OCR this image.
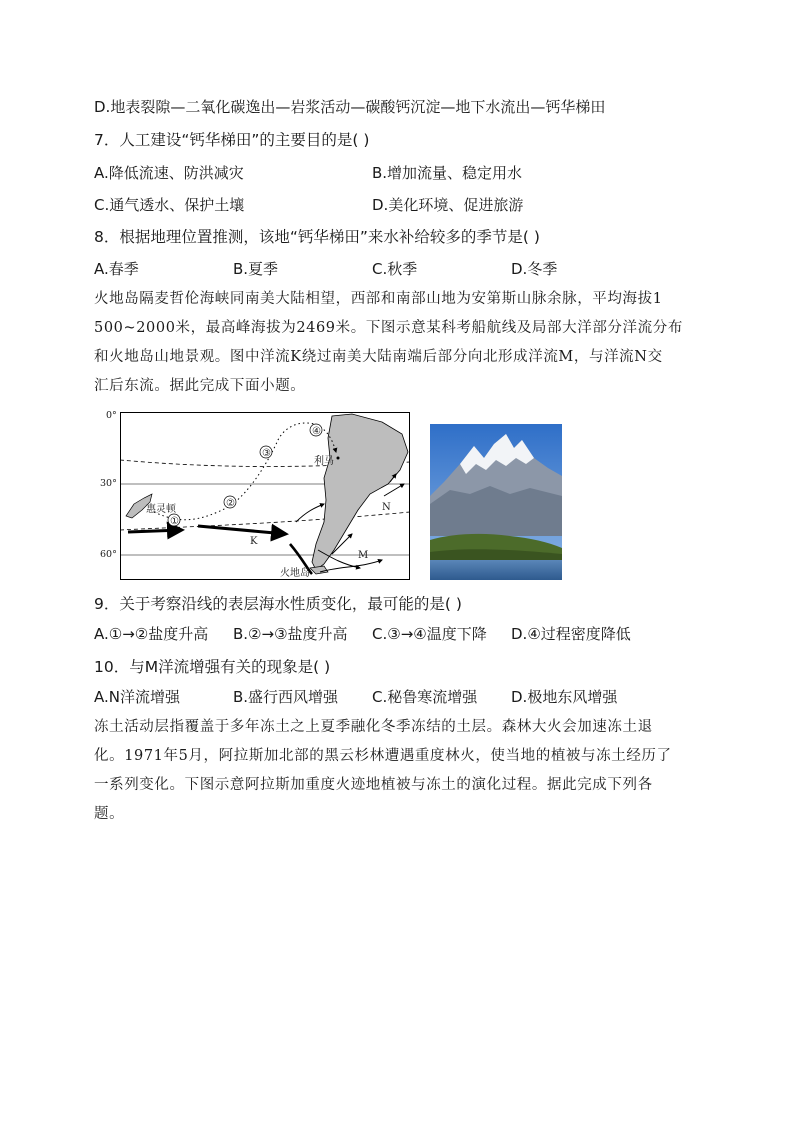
D.地表裂隙—二氧化碳逸出—岩浆活动—碳酸钙沉淀—地下水流出—钙华梯田
7．人工建设“钙华梯田”的主要目的是( )
A.降低流速、防洪减灾	B.增加流量、稳定用水
C.通气透水、保护土壤	D.美化环境、促进旅游
8．根据地理位置推测，该地“钙华梯田”来水补给较多的季节是( )
A.春季	B.夏季	C.秋季	D.冬季
火地岛隔麦哲伦海峡同南美大陆相望，西部和南部山地为安第斯山脉余脉，平均海拔1
500~2000米，最高峰海拔为2469米。下图示意某科考船航线及局部大洋部分洋流分布
和火地岛山地景观。图中洋流K绕过南美大陆南端后部分向北形成洋流M，与洋流N交
汇后东流。据此完成下面小题。
①
②
③
④
惠灵顿
利马
K
M
N
火地岛
0°
30°
60°
9．关于考察沿线的表层海水性质变化，最可能的是( )
A.①→②盐度升高 B.②→③盐度升高 C.③→④温度下降 D.④过程密度降低
10．与M洋流增强有关的现象是( )
A.N洋流增强	B.盛行西风增强 C.秘鲁寒流增强 D.极地东风增强
冻土活动层指覆盖于多年冻土之上夏季融化冬季冻结的土层。森林大火会加速冻土退
化。1971年5月，阿拉斯加北部的黑云杉林遭遇重度林火，使当地的植被与冻土经历了
一系列变化。下图示意阿拉斯加重度火迹地植被与冻土的演化过程。据此完成下列各
题。
